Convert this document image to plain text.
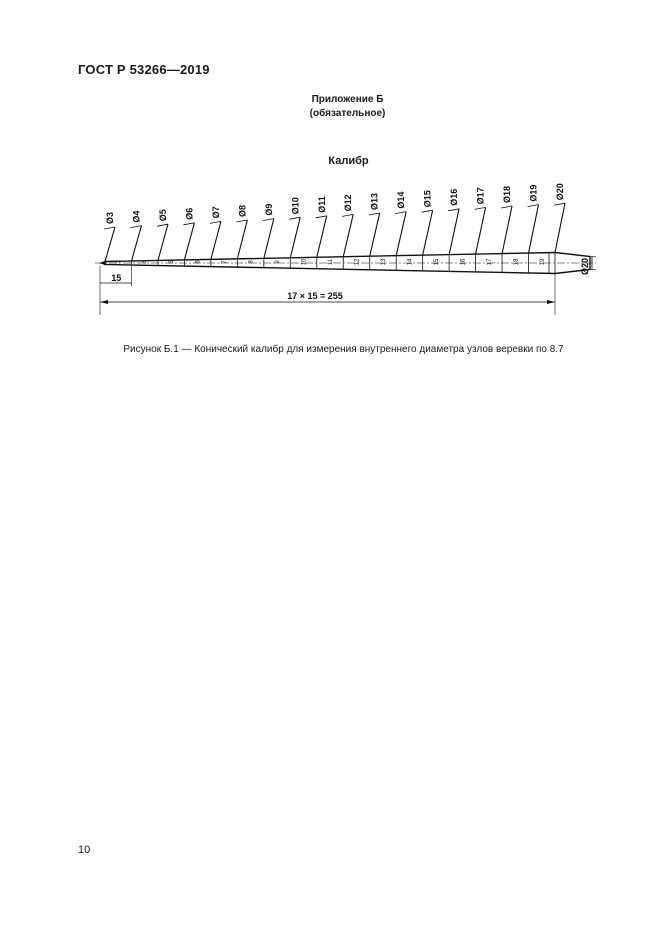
ГОСТ Р 53266—2019
Приложение Б
(обязательное)
Калибр
Ø20
15
17 × 15 = 255
3	4	5	6	7	8	9	10	11	12	13	14	15	16	17	18	19
Ø3 Ø4 Ø5 Ø6 Ø7 Ø8 Ø9 Ø10 Ø11 Ø12 Ø13 Ø14 Ø15 Ø16 Ø17 Ø18 Ø19 Ø20
Рисунок Б.1 — Конический калибр для измерения внутреннего диаметра узлов веревки по 8.7
10
